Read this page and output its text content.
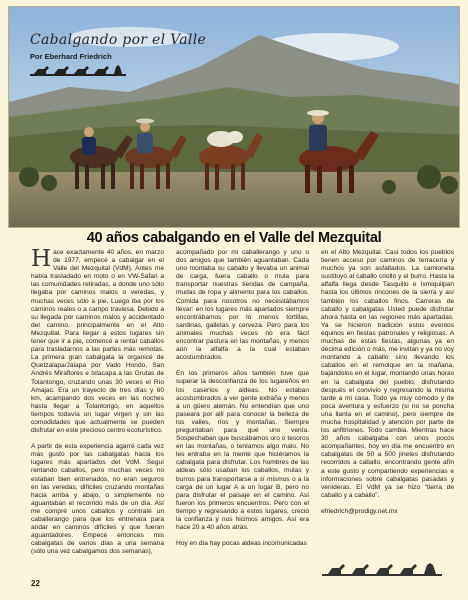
Cabalgando por el Valle
Por Eberhard Friedrich
40 años cabalgando en el Valle del Mezquital

Hace exactamente 40 años, en marzo de 1977, empecé a cabalgar en el Valle del Mezquital (VdM). Antes me había trasladado en moto o en VW-Safari a las comunidades retiradas, a donde uno sólo llegaba por caminos malos o veredas, y muchas veces sólo a pie. Luego iba por los caminos reales o a campo traviesa. Debido a su llegada por caminos malos y accidentado del camino, principalmente en el Alto Mezquital. Para llegar a estos lugares sin tener que ir a pie, comencé a rentar caballos para trasladarnos a las partes más remotas. La primera gran cabalgata la organicé de Quetzalapa/Jalapa por Vado Hondo, San Andrés Miraflores e Ixtacapa a las Grutas de Tolantongo, cruzando unas 30 veces el Río Amajac. Era un trayecto de tres días y 60 km, acampando dos veces en las noches hasta llegar a Tolantongo, en aquellos tiempos todavía un lugar virgen y sin las comodidades que actualmente se pueden disfrutar en este precioso centro ecoturístico.

A partir de esta experiencia agarré cada vez más gusto por las cabalgatas hacia los lugares más apartados del VdM. Seguí rentando caballos, pero muchas veces no estaban bien entrenados, no eran seguros en las veredas, difíciles cruzando montañas hacia arriba y abajo, o simplemente no aguantaban el recorrido más de un día. Así me compré unos caballos y contraté un caballerango para que los entrenara para andar en caminos difíciles y que fueran aguantadores. Empecé entonces mis cabalgatas de varios días a una semana (sólo una vez cabalgamos dos semanas),

acompañado por mi caballerango y uno o dos amigos que también aguantaban. Cada uno montaba su caballo y llevaba un animal de carga, fuera caballo o mula para transportar nuestras tiendas de campaña, mudas de ropa y alimento para los caballos. Comida para nosotros no necesitábamos llevar: en los lugares más apartados siempre encontrábamos por lo menos tortillas, sardinas, galletas y cerveza. Pero para los animales muchas veces no era fácil encontrar pastura en las montañas, y menos aún la alfalfa a la cual estaban acostumbrados.

En los primeros años también tuve que superar la desconfianza de los lugareños en los caseríos y aldeas. No estaban acostumbrados a ver gente extraña y menos a un güero alemán. No entendían que uno paseara por allí para conocer la belleza de los valles, ríos y montañas. Siempre preguntaban para qué uno venía. Sospechaban que buscábamos oro o tesoros en las montañas, o teníamos algo malo. No les entraba en la mente que hiciéramos la cabalgata para disfrutar. Los hombres de las aldeas sólo usaban los caballos, mulas y burros para transportarse a sí mismos o a la carga de un lugar A a un lugar B, pero no para disfrutar el paisaje en el camino. Así fueron los primeros encuentros. Pero con el tiempo y regresando a estos lugares, creció la confianza y nos hicimos amigos. Así era hace 20 a 40 años atrás.

Hoy en día hay pocas aldeas incomunicadas

en el Alto Mezquital. Casi todos los pueblos tienen acceso por caminos de terracería y muchos ya son asfaltados. La camioneta sustituyó al caballo criollo y el burro. Hasta la alfalfa llega desde Tasquillo e Ixmiquilpan hasta los últimos rincones de la sierra y así también los caballos finos. Carreras de caballo y cabalgatas Usted puede disfrutar ahora hasta en las regiones más apartadas. Ya se hicieron tradición estos eventos equinos en fiestas patronales y religiosas. A muchas de estas fiestas, algunas ya en décima edición o más, me invitan y ya no voy montando a caballo sino llevando los caballos en el remolque en la mañana, bajándolos en el lugar, montando unas horas en la cabalgata del pueblo, disfrutando después el convivio y regresando la misma tarde a mi casa. Todo ya muy cómodo y de poca aventura y esfuerzo (si no se poncha una llanta en el camino), pero siempre de mucha hospitalidad y atención por parte de los anfitriones. Todo cambia. Mientras hace 30 años cabalgaba con unos pocos acompañantes, hoy en día me encuentro en cabalgatas de 50 a 500 jinetes disfrutando recorridos a caballo, encontrando gente afín a este gusto y compartiendo experiencias e informaciones sobre cabalgatas pasadas y venideras. El VdM ya se hizo “tierra de caballo y a caballo”.

efriedrich@prodigy.net.mx

22
